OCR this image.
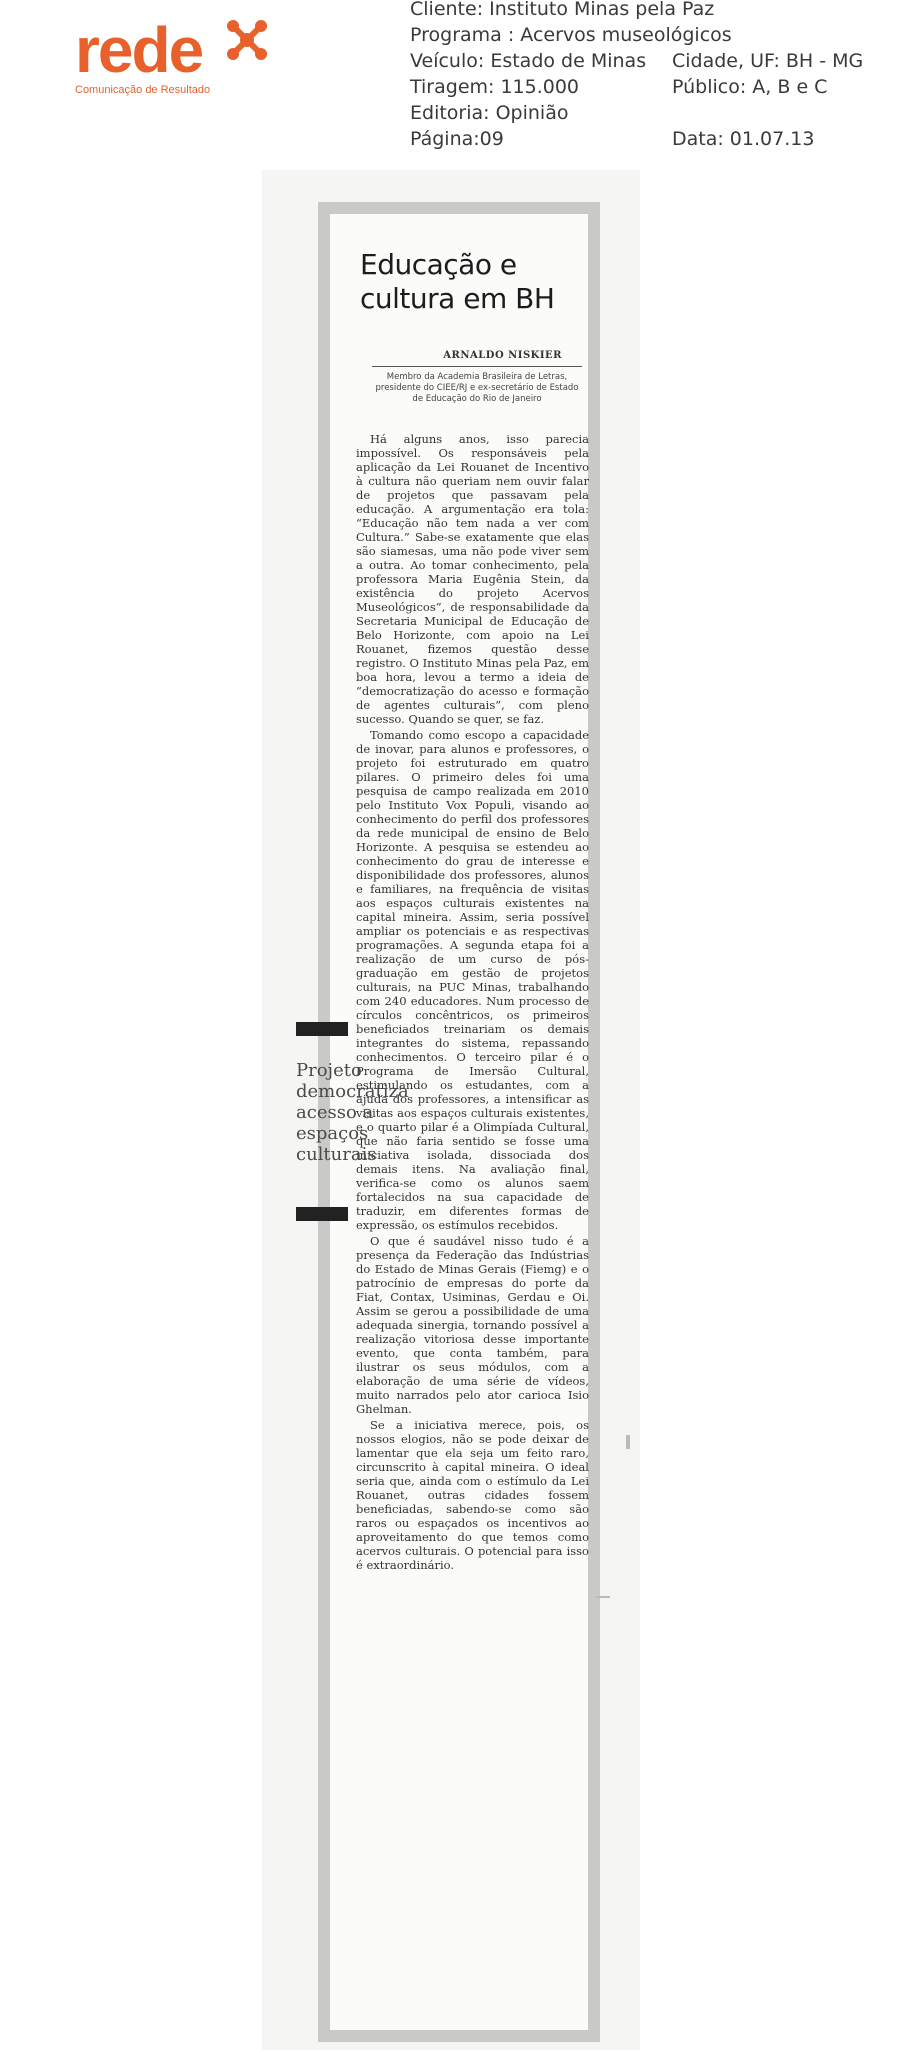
rede
Comunicação de Resultado
Cliente: Instituto Minas pela Paz
Programa : Acervos museológicos
Veículo: Estado de Minas Cidade, UF: BH - MG
Tiragem: 115.000	Público: A, B e C
Editoria: Opinião
Página:09	Data: 01.07.13
Educação e cultura em BH
ARNALDO NISKIER
Membro da Academia Brasileira de Letras, presidente do CIEE/RJ e ex-secretário de Estado de Educação do Rio de Janeiro

Há alguns anos, isso parecia impossível. Os responsáveis pela aplicação da Lei Rouanet de Incentivo à cultura não queriam nem ouvir falar de projetos que passavam pela educação. A argumentação era tola: “Educação não tem nada a ver com Cultura.” Sabe-se exatamente que elas são siamesas, uma não pode viver sem a outra. Ao tomar conhecimento, pela professora Maria Eugênia Stein, da existência do projeto Acervos Museológicos”, de responsabilidade da Secretaria Municipal de Educação de Belo Horizonte, com apoio na Lei Rouanet, fizemos questão desse registro. O Instituto Minas pela Paz, em boa hora, levou a termo a ideia de “democratização do acesso e formação de agentes culturais”, com pleno sucesso. Quando se quer, se faz.

Tomando como escopo a capacidade de inovar, para alunos e professores, o projeto foi estruturado em quatro pilares. O primeiro deles foi uma pesquisa de campo realizada em 2010 pelo Instituto Vox Populi, visando ao conhecimento do perfil dos professores da rede municipal de ensino de Belo Horizonte. A pesquisa se estendeu ao conhecimento do grau de interesse e disponibilidade dos professores, alunos e familiares, na frequência de visitas aos espaços culturais existentes na capital mineira. Assim, seria possível ampliar os potenciais e as respectivas programações. A segunda etapa foi a realização de um curso de pós-graduação em gestão de projetos culturais, na PUC Minas, trabalhando com 240 educadores. Num processo de círculos concêntricos, os primeiros beneficiados treinariam os demais integrantes do sistema, repassando conhecimentos. O terceiro pilar é o Programa de Imersão Cultural, estimulando os estudantes, com a ajuda dos professores, a intensificar as visitas aos espaços culturais existentes, e o quarto pilar é a Olimpíada Cultural, que não faria sentido se fosse uma iniciativa isolada, dissociada dos demais itens. Na avaliação final, verifica-se como os alunos saem fortalecidos na sua capacidade de traduzir, em diferentes formas de expressão, os estímulos recebidos.

O que é saudável nisso tudo é a presença da Federação das Indústrias do Estado de Minas Gerais (Fiemg) e o patrocínio de empresas do porte da Fiat, Contax, Usiminas, Gerdau e Oi. Assim se gerou a possibilidade de uma adequada sinergia, tornando possível a realização vitoriosa desse importante evento, que conta também, para ilustrar os seus módulos, com a elaboração de uma série de vídeos, muito narrados pelo ator carioca Isio Ghelman.

Se a iniciativa merece, pois, os nossos elogios, não se pode deixar de lamentar que ela seja um feito raro, circunscrito à capital mineira. O ideal seria que, ainda com o estímulo da Lei Rouanet, outras cidades fossem beneficiadas, sabendo-se como são raros ou espaçados os incentivos ao aproveitamento do que temos como acervos culturais. O potencial para isso é extraordinário.

Projeto democratiza acesso a espaços culturais
